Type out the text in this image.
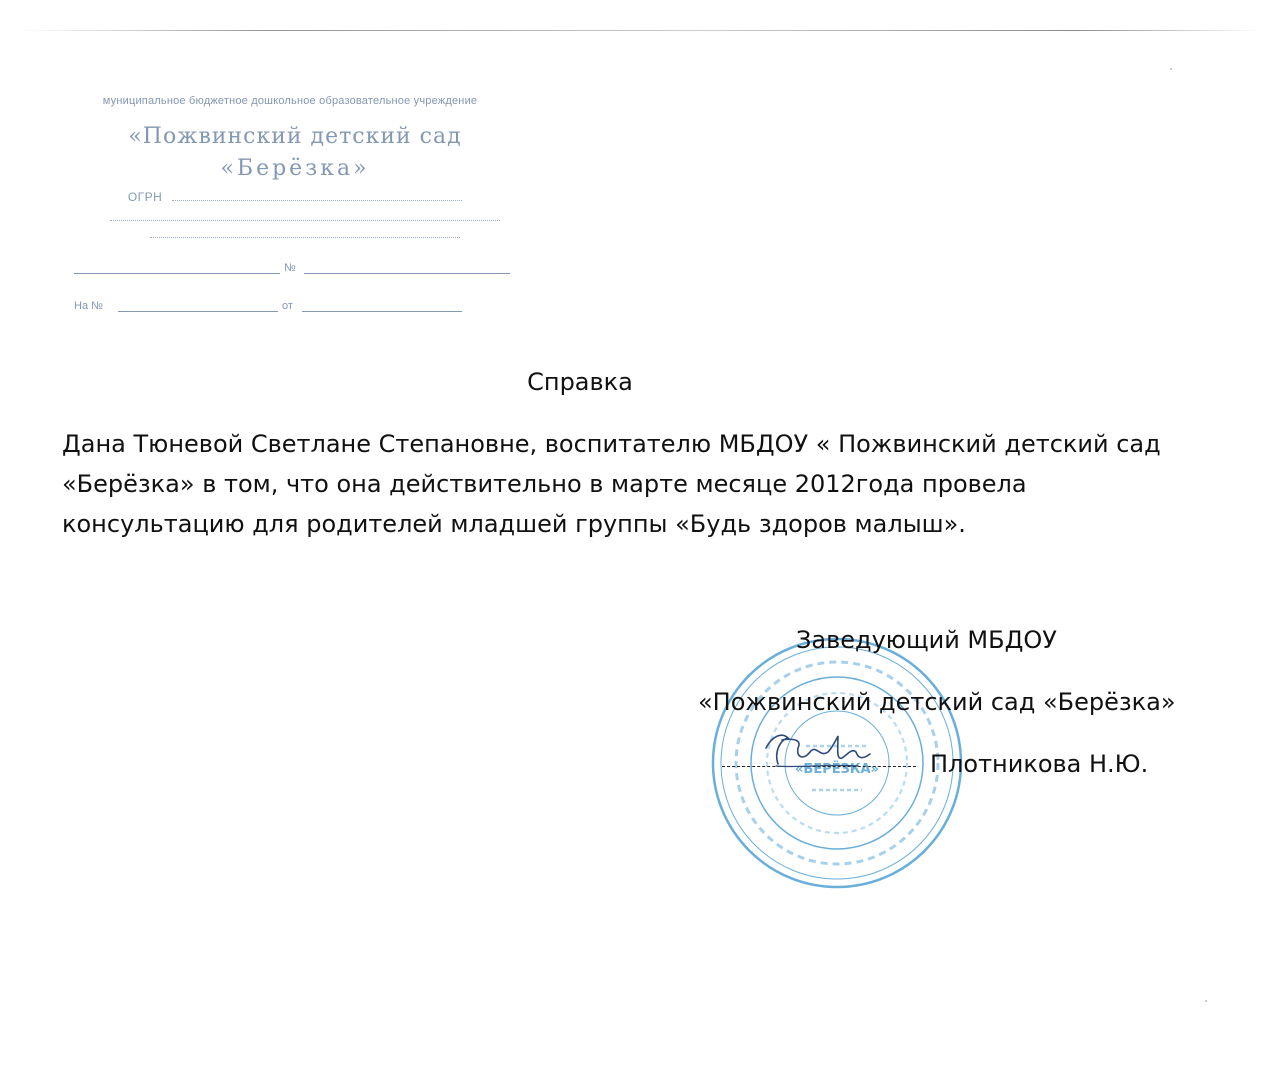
муниципальное бюджетное дошкольное образовательное учреждение
«Пожвинский детский сад
«Берёзка»
ОГРН
№
На №	от
Справка
Дана Тюневой Светлане Степановне, воспитателю МБДОУ « Пожвинский детский сад
«Берёзка» в том, что она действительно в марте месяце 2012года провела
консультацию для родителей младшей группы «Будь здоров малыш».
«БЕРЁЗКА»
Заведующий МБДОУ
«Пожвинский детский сад «Берёзка»
Плотникова Н.Ю.
